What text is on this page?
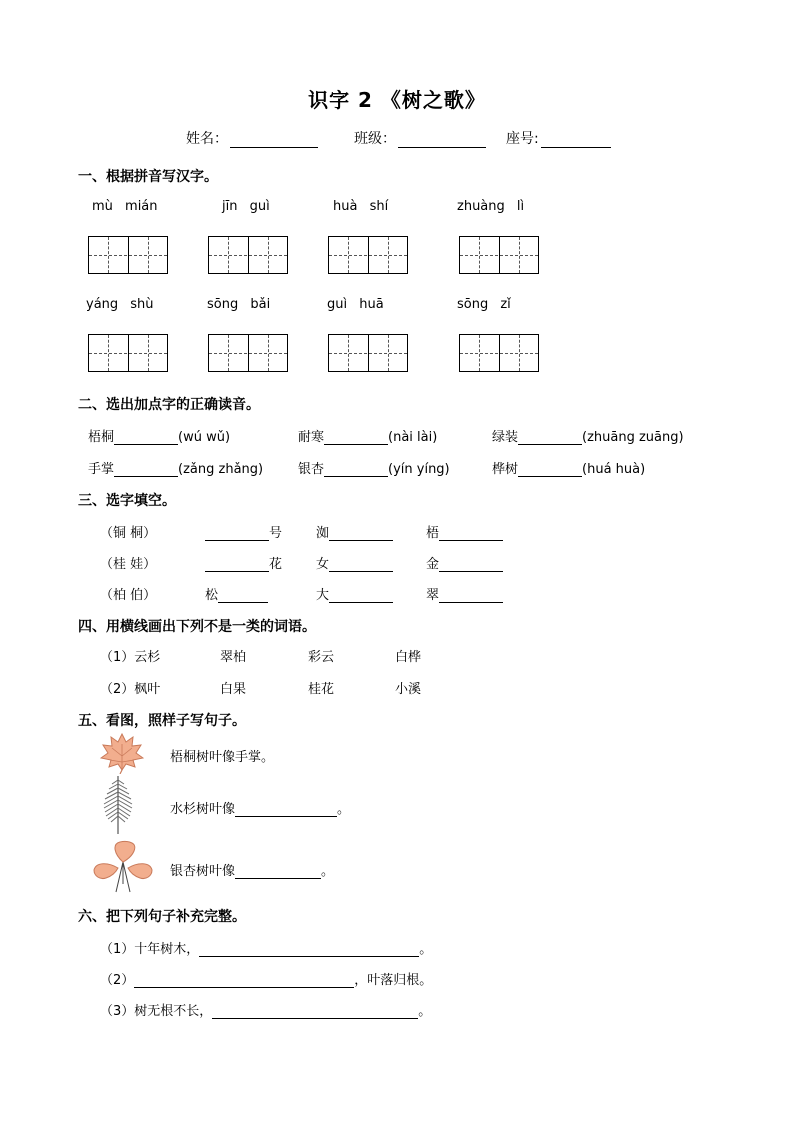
识字 2 《树之歌》
姓名：	班级：	座号:
一、根据拼音写汉字。
mù mián	jīn guì	huà shí	zhuàng lì
yáng shù	sōng bǎi	guì huā	sōng zǐ
二、选出加点字的正确读音。
梧桐	(wú wǔ)	耐寒	(nài lài)	绿装	(zhuāng zuāng)
手掌	(zǎng zhǎng)	银杏	(yín yíng)	桦树	(huá huà)
三、选字填空。
（铜 桐）	号	洳	梧
（桂 娃）	花	女	金
（柏 伯）	松	大	翠
四、用横线画出下列不是一类的词语。
（1）云杉	翠柏	彩云	白桦
（2）枫叶	白果	桂花	小溪
五、看图，照样子写句子。
梧桐树叶像手掌。
水杉树叶像	。
银杏树叶像	。
六、把下列句子补充完整。
（1）十年树木，	。
（2）	，叶落归根。
（3）树无根不长，	。
